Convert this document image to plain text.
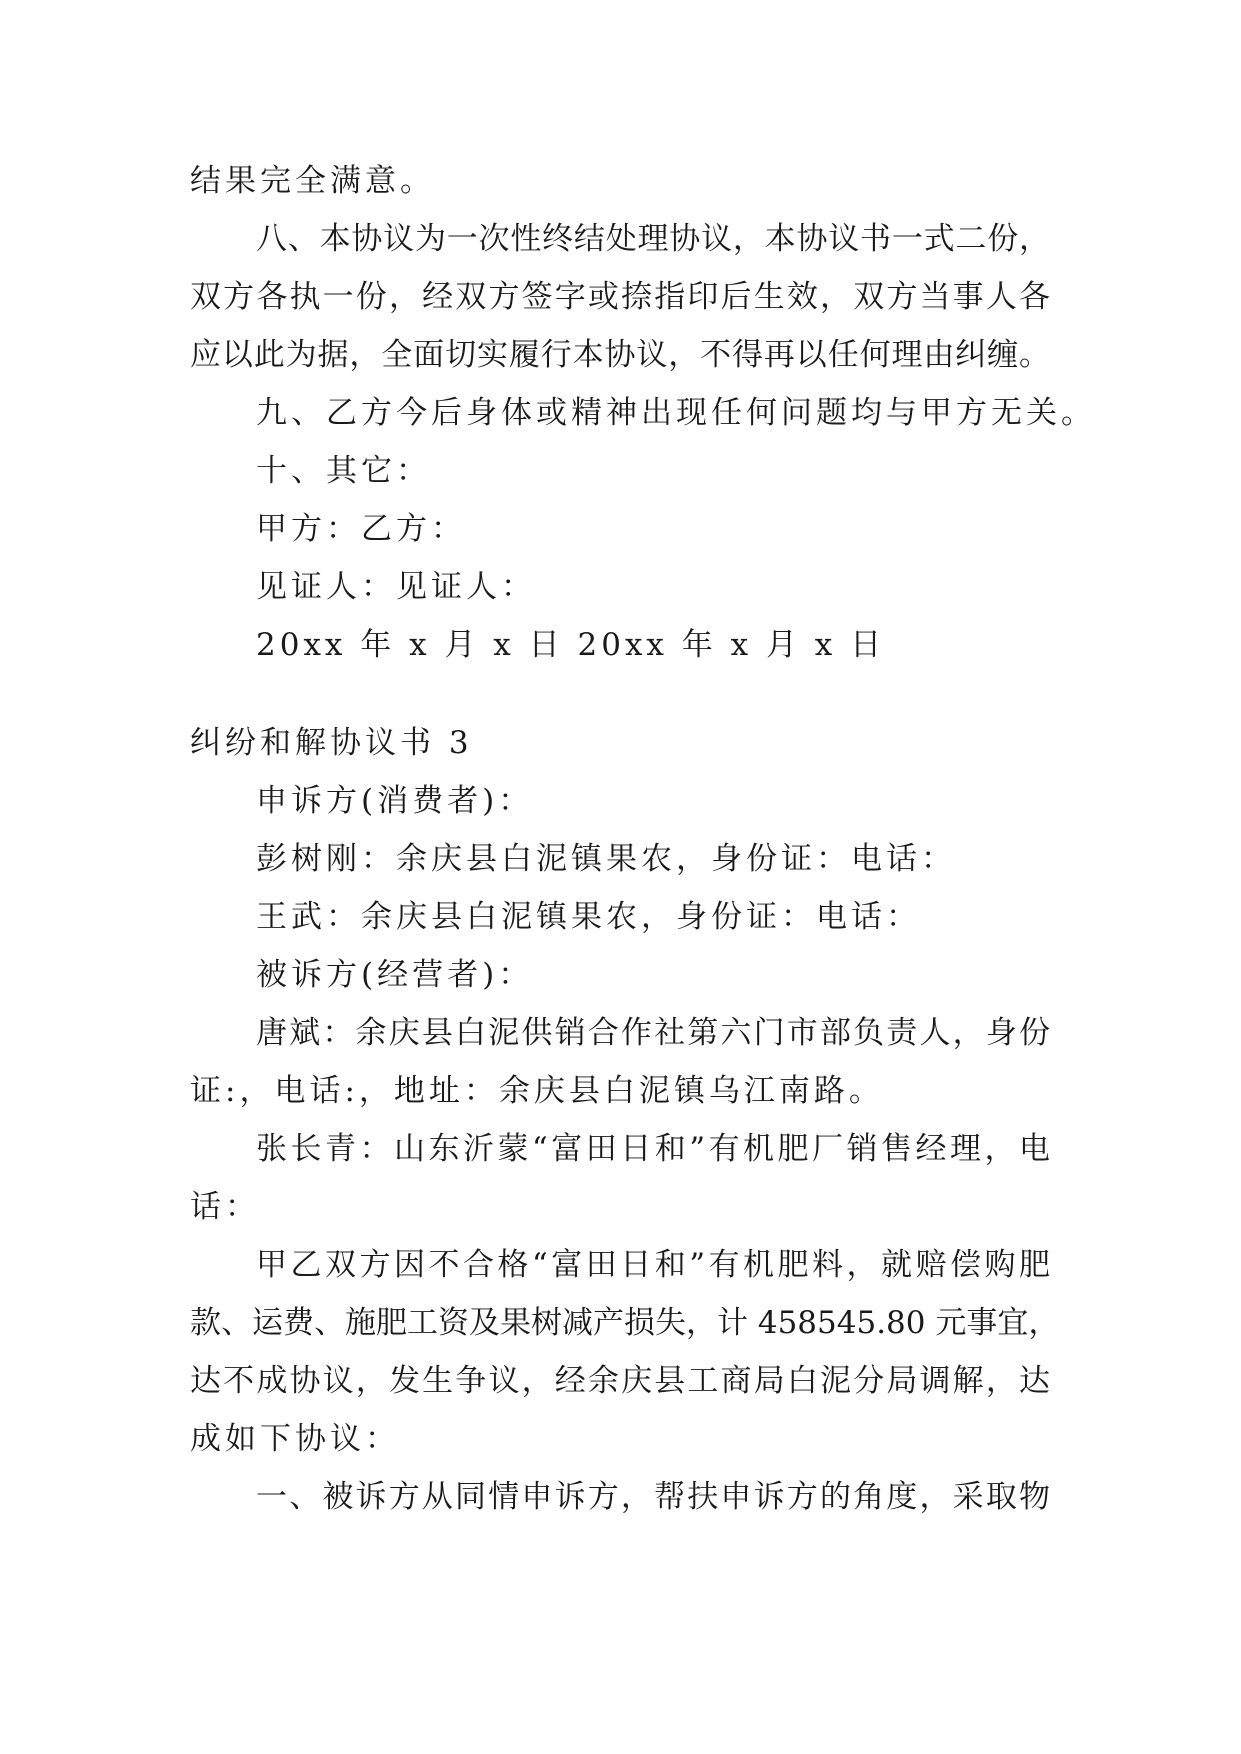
结果完全满意。
八、本协议为一次性终结处理协议，本协议书一式二份，
双方各执一份，经双方签字或捺指印后生效，双方当事人各
应以此为据，全面切实履行本协议，不得再以任何理由纠缠。
九、乙方今后身体或精神出现任何问题均与甲方无关。
十、其它：
甲方：乙方：
见证人：见证人：
20xx 年 x 月 x 日 20xx 年 x 月 x 日
纠纷和解协议书 3
申诉方(消费者)：
彭树刚：余庆县白泥镇果农，身份证：电话：
王武：余庆县白泥镇果农，身份证：电话：
被诉方(经营者)：
唐斌：余庆县白泥供销合作社第六门市部负责人，身份
证:，电话:，地址：余庆县白泥镇乌江南路。
张长青：山东沂蒙“富田日和”有机肥厂销售经理，电
话：
甲乙双方因不合格“富田日和”有机肥料，就赔偿购肥
款、运费、施肥工资及果树减产损失，计 458545.80 元事宜，
达不成协议，发生争议，经余庆县工商局白泥分局调解，达
成如下协议：
一、被诉方从同情申诉方，帮扶申诉方的角度，采取物
